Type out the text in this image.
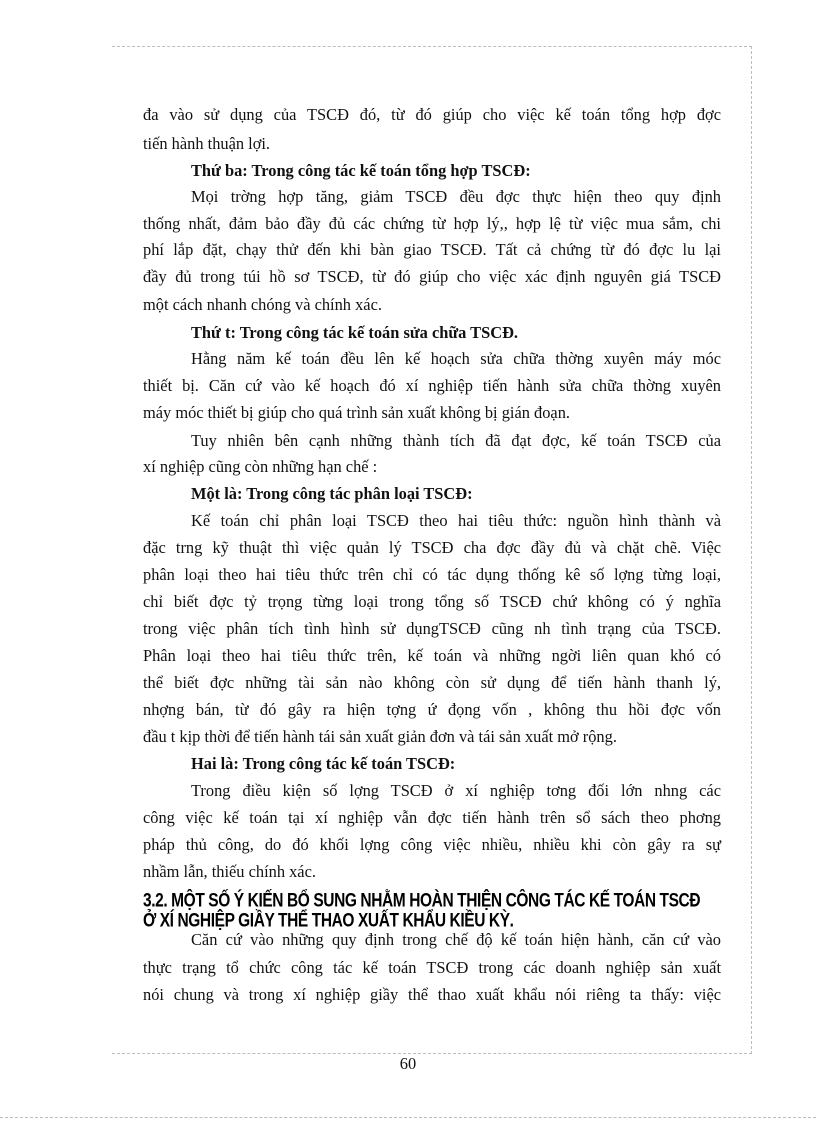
đa vào sử dụng của TSCĐ đó, từ đó giúp cho việc kế toán tổng hợp đợc
tiến hành thuận lợi.
Thứ ba: Trong công tác kế toán tổng hợp TSCĐ:
Mọi trờng hợp tăng, giảm TSCĐ đều đợc thực hiện theo quy định
thống nhất, đảm bảo đầy đủ các chứng từ hợp lý,, hợp lệ từ việc mua sắm, chi
phí lắp đặt, chạy thử đến khi bàn giao TSCĐ. Tất cả chứng từ đó đợc lu lại
đầy đủ trong túi hồ sơ TSCĐ, từ đó giúp cho việc xác định nguyên giá TSCĐ
một cách nhanh chóng và chính xác.
Thứ t: Trong công tác kế toán sửa chữa TSCĐ.
Hằng năm kế toán đều lên kế hoạch sửa chữa thờng xuyên máy móc
thiết bị. Căn cứ vào kế hoạch đó xí nghiệp tiến hành sửa chữa thờng xuyên
máy móc thiết bị giúp cho quá trình sản xuất không bị gián đoạn.
Tuy nhiên bên cạnh những thành tích đã đạt đợc, kế toán TSCĐ của
xí nghiệp cũng còn những hạn chế :
Một là: Trong công tác phân loại TSCĐ:
Kế toán chỉ phân loại TSCĐ theo hai tiêu thức: nguồn hình thành và
đặc trng kỹ thuật thì việc quản lý TSCĐ cha đợc đầy đủ và chặt chẽ. Việc
phân loại theo hai tiêu thức trên chỉ có tác dụng thống kê số lợng từng loại,
chỉ biết đợc tỷ trọng từng loại trong tổng số TSCĐ chứ không có ý nghĩa
trong việc phân tích tình hình sử dụngTSCĐ cũng nh tình trạng của TSCĐ.
Phân loại theo hai tiêu thức trên, kế toán và những ngời liên quan khó có
thể biết đợc những tài sản nào không còn sử dụng để tiến hành thanh lý,
nhợng bán, từ đó gây ra hiện tợng ứ đọng vốn , không thu hồi đợc vốn
đầu t kịp thời để tiến hành tái sản xuất giản đơn và tái sản xuất mở rộng.
Hai là: Trong công tác kế toán TSCĐ:
Trong điều kiện số lợng TSCĐ ở xí nghiệp tơng đối lớn nhng các
công việc kế toán tại xí nghiệp vẫn đợc tiến hành trên sổ sách theo phơng
pháp thủ công, do đó khối lợng công việc nhiều, nhiều khi còn gây ra sự
nhầm lẫn, thiếu chính xác.
3.2. MỘT SỐ Ý KIẾN BỔ SUNG NHẰM HOÀN THIỆN CÔNG TÁC KẾ TOÁN TSCĐ
Ở XÍ NGHIỆP GIẦY THỂ THAO XUẤT KHẨU KIỀU KỲ.
Căn cứ vào những quy định trong chế độ kế toán hiện hành, căn cứ vào
thực trạng tổ chức công tác kế toán TSCĐ trong các doanh nghiệp sản xuất
nói chung và trong xí nghiệp giầy thể thao xuất khẩu nói riêng ta thấy: việc
60
